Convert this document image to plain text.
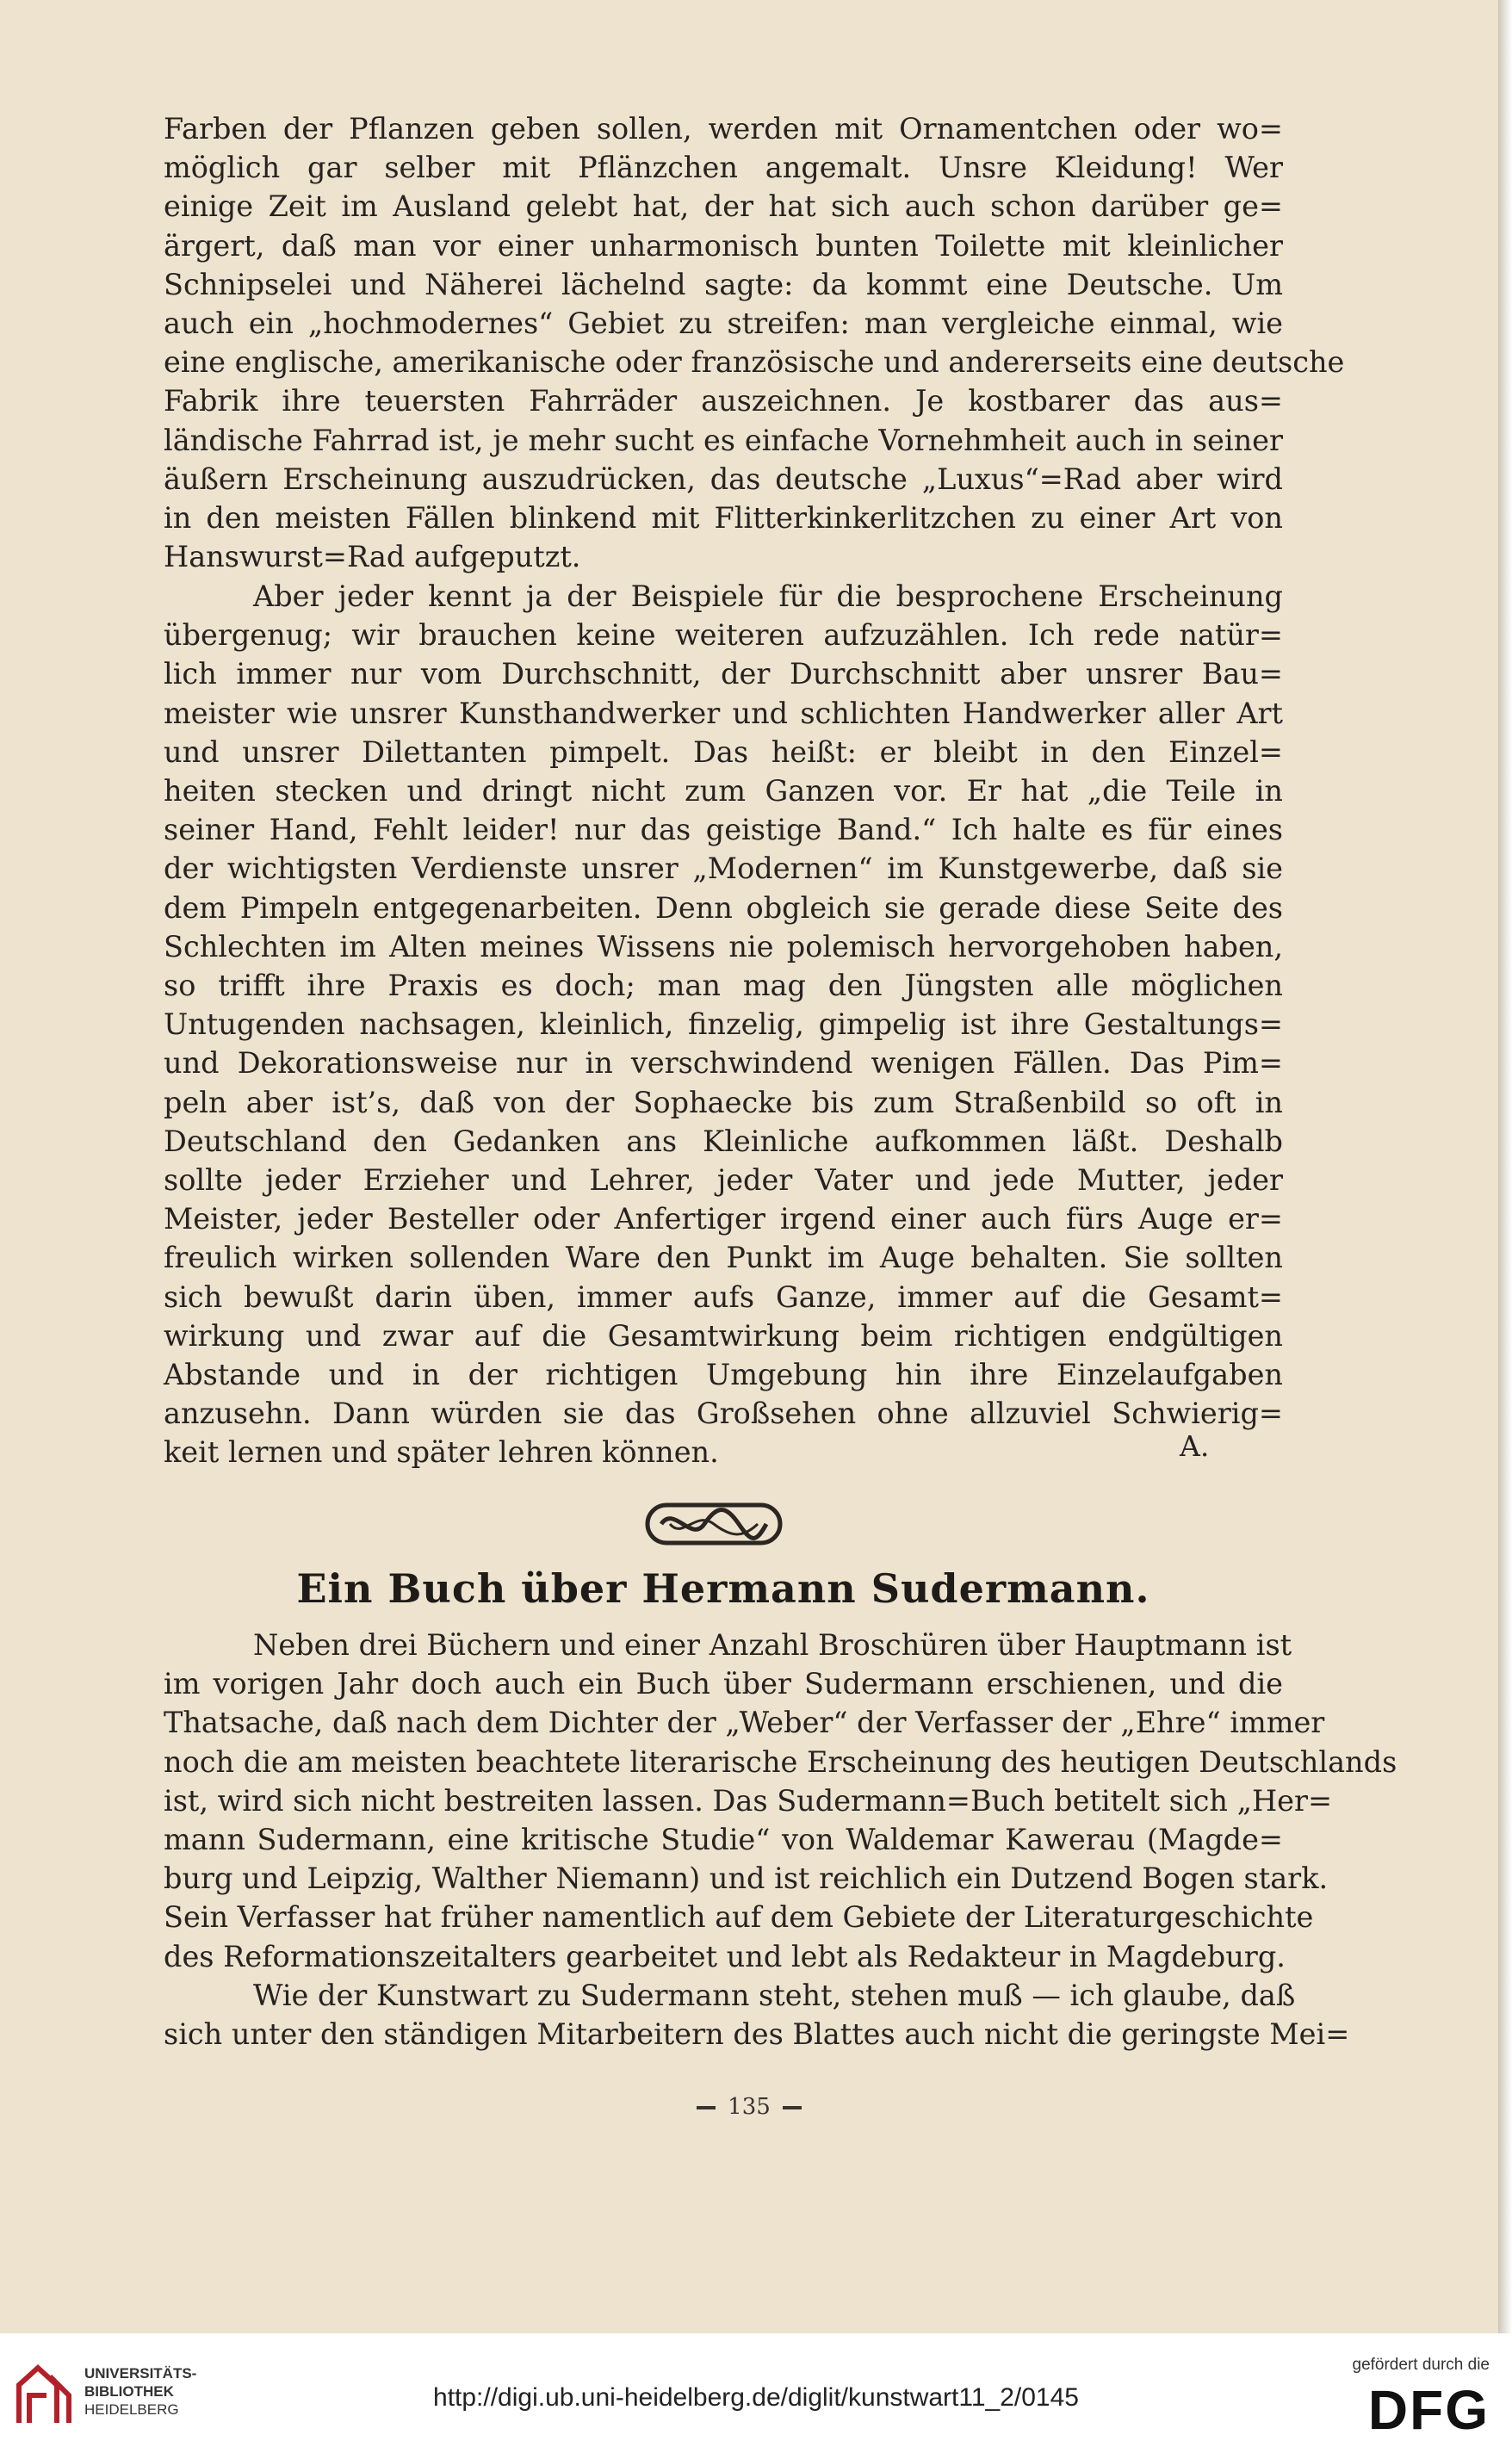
Farben der Pflanzen geben sollen, werden mit Ornamentchen oder wo=
möglich gar selber mit Pflänzchen angemalt. Unsre Kleidung! Wer
einige Zeit im Ausland gelebt hat, der hat sich auch schon darüber ge=
ärgert, daß man vor einer unharmonisch bunten Toilette mit kleinlicher
Schnipselei und Näherei lächelnd sagte: da kommt eine Deutsche. Um
auch ein „hochmodernes“ Gebiet zu streifen: man vergleiche einmal, wie
eine englische, amerikanische oder französische und andererseits eine deutsche
Fabrik ihre teuersten Fahrräder auszeichnen. Je kostbarer das aus=
ländische Fahrrad ist, je mehr sucht es einfache Vornehmheit auch in seiner
äußern Erscheinung auszudrücken, das deutsche „Luxus“=Rad aber wird
in den meisten Fällen blinkend mit Flitterkinkerlitzchen zu einer Art von
Hanswurst=Rad aufgeputzt.
Aber jeder kennt ja der Beispiele für die besprochene Erscheinung
übergenug; wir brauchen keine weiteren aufzuzählen. Ich rede natür=
lich immer nur vom Durchschnitt, der Durchschnitt aber unsrer Bau=
meister wie unsrer Kunsthandwerker und schlichten Handwerker aller Art
und unsrer Dilettanten pimpelt. Das heißt: er bleibt in den Einzel=
heiten stecken und dringt nicht zum Ganzen vor. Er hat „die Teile in
seiner Hand, Fehlt leider! nur das geistige Band.“ Ich halte es für eines
der wichtigsten Verdienste unsrer „Modernen“ im Kunstgewerbe, daß sie
dem Pimpeln entgegenarbeiten. Denn obgleich sie gerade diese Seite des
Schlechten im Alten meines Wissens nie polemisch hervorgehoben haben,
so trifft ihre Praxis es doch; man mag den Jüngsten alle möglichen
Untugenden nachsagen, kleinlich, finzelig, gimpelig ist ihre Gestaltungs=
und Dekorationsweise nur in verschwindend wenigen Fällen. Das Pim=
peln aber ist’s, daß von der Sophaecke bis zum Straßenbild so oft in
Deutschland den Gedanken ans Kleinliche aufkommen läßt. Deshalb
sollte jeder Erzieher und Lehrer, jeder Vater und jede Mutter, jeder
Meister, jeder Besteller oder Anfertiger irgend einer auch fürs Auge er=
freulich wirken sollenden Ware den Punkt im Auge behalten. Sie sollten
sich bewußt darin üben, immer aufs Ganze, immer auf die Gesamt=
wirkung und zwar auf die Gesamtwirkung beim richtigen endgültigen
Abstande und in der richtigen Umgebung hin ihre Einzelaufgaben
anzusehn. Dann würden sie das Großsehen ohne allzuviel Schwierig=
keit lernen und später lehren können.	A.
Ein Buch über Hermann Sudermann.
Neben drei Büchern und einer Anzahl Broschüren über Hauptmann ist
im vorigen Jahr doch auch ein Buch über Sudermann erschienen, und die
Thatsache, daß nach dem Dichter der „Weber“ der Verfasser der „Ehre“ immer
noch die am meisten beachtete literarische Erscheinung des heutigen Deutschlands
ist, wird sich nicht bestreiten lassen. Das Sudermann=Buch betitelt sich „Her=
mann Sudermann, eine kritische Studie“ von Waldemar Kawerau (Magde=
burg und Leipzig, Walther Niemann) und ist reichlich ein Dutzend Bogen stark.
Sein Verfasser hat früher namentlich auf dem Gebiete der Literaturgeschichte
des Reformationszeitalters gearbeitet und lebt als Redakteur in Magdeburg.
Wie der Kunstwart zu Sudermann steht, stehen muß — ich glaube, daß
sich unter den ständigen Mitarbeitern des Blattes auch nicht die geringste Mei=
135
UNIVERSITÄTS-
BIBLIOTHEK
HEIDELBERG	http://digi.ub.uni-heidelberg.de/diglit/kunstwart11_2/0145
gefördert durch die
DFG
